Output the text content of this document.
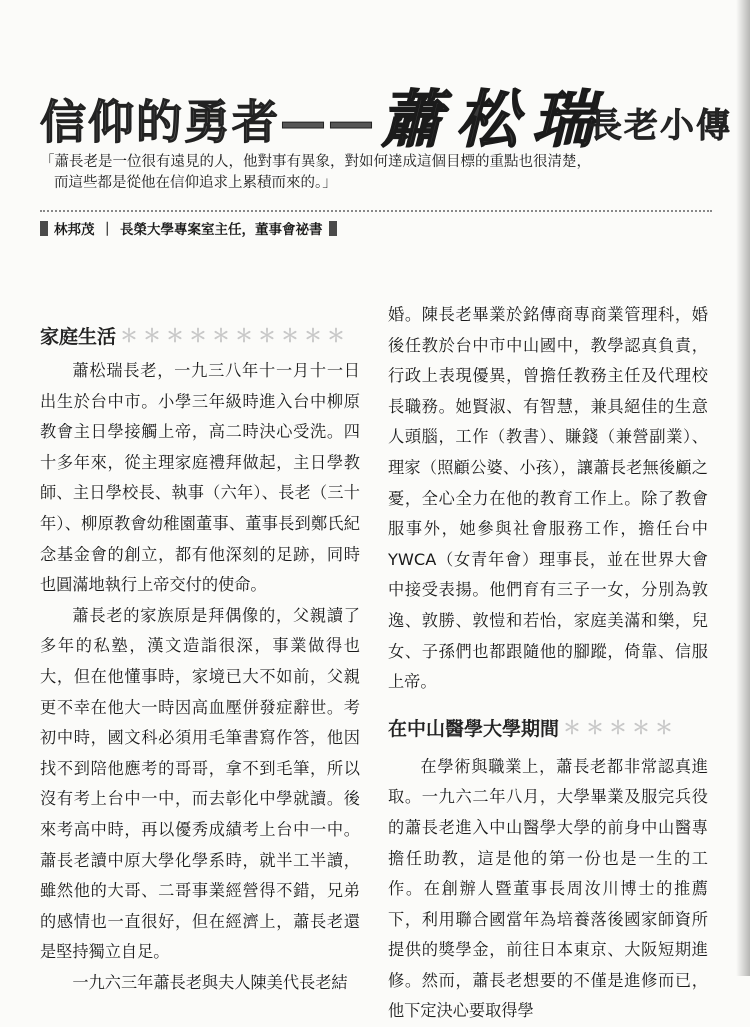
信仰的勇者—— 蕭松瑞
長老小傳
「蕭長老是一位很有遠見的人，他對事有異象，對如何達成這個目標的重點也很清楚，
而這些都是從他在信仰追求上累積而來的。」
林邦茂 ｜ 長榮大學專案室主任，董事會祕書
家庭生活 ＊＊＊＊＊＊＊＊＊＊

蕭松瑞長老，一九三八年十一月十一日出生於台中市。小學三年級時進入台中柳原教會主日學接觸上帝，高二時決心受洗。四十多年來，從主理家庭禮拜做起，主日學教師、主日學校長、執事（六年）、長老（三十年）、柳原教會幼稚園董事、董事長到鄭氏紀念基金會的創立，都有他深刻的足跡，同時也圓滿地執行上帝交付的使命。

蕭長老的家族原是拜偶像的，父親讀了多年的私塾，漢文造詣很深，事業做得也大，但在他懂事時，家境已大不如前，父親更不幸在他大一時因高血壓併發症辭世。考初中時，國文科必須用毛筆書寫作答，他因找不到陪他應考的哥哥，拿不到毛筆，所以沒有考上台中一中，而去彰化中學就讀。後來考高中時，再以優秀成績考上台中一中。蕭長老讀中原大學化學系時，就半工半讀，雖然他的大哥、二哥事業經營得不錯，兄弟的感情也一直很好，但在經濟上，蕭長老還是堅持獨立自足。

一九六三年蕭長老與夫人陳美代長老結

婚。陳長老畢業於銘傳商專商業管理科，婚後任教於台中市中山國中，教學認真負責，行政上表現優異，曾擔任教務主任及代理校長職務。她賢淑、有智慧，兼具絕佳的生意人頭腦，工作（教書）、賺錢（兼營副業）、理家（照顧公婆、小孩），讓蕭長老無後顧之憂，全心全力在他的教育工作上。除了教會服事外，她參與社會服務工作，擔任台中YWCA（女青年會）理事長，並在世界大會中接受表揚。他們育有三子一女，分別為敦逸、敦勝、敦愷和若怡，家庭美滿和樂，兒女、子孫們也都跟隨他的腳蹤，倚靠、信服上帝。

在中山醫學大學期間 ＊＊＊＊＊

在學術與職業上，蕭長老都非常認真進取。一九六二年八月，大學畢業及服完兵役的蕭長老進入中山醫學大學的前身中山醫專擔任助教，這是他的第一份也是一生的工作。在創辦人暨董事長周汝川博士的推薦下，利用聯合國當年為培養落後國家師資所提供的獎學金，前往日本東京、大阪短期進修。然而，蕭長老想要的不僅是進修而已，他下定決心要取得學
